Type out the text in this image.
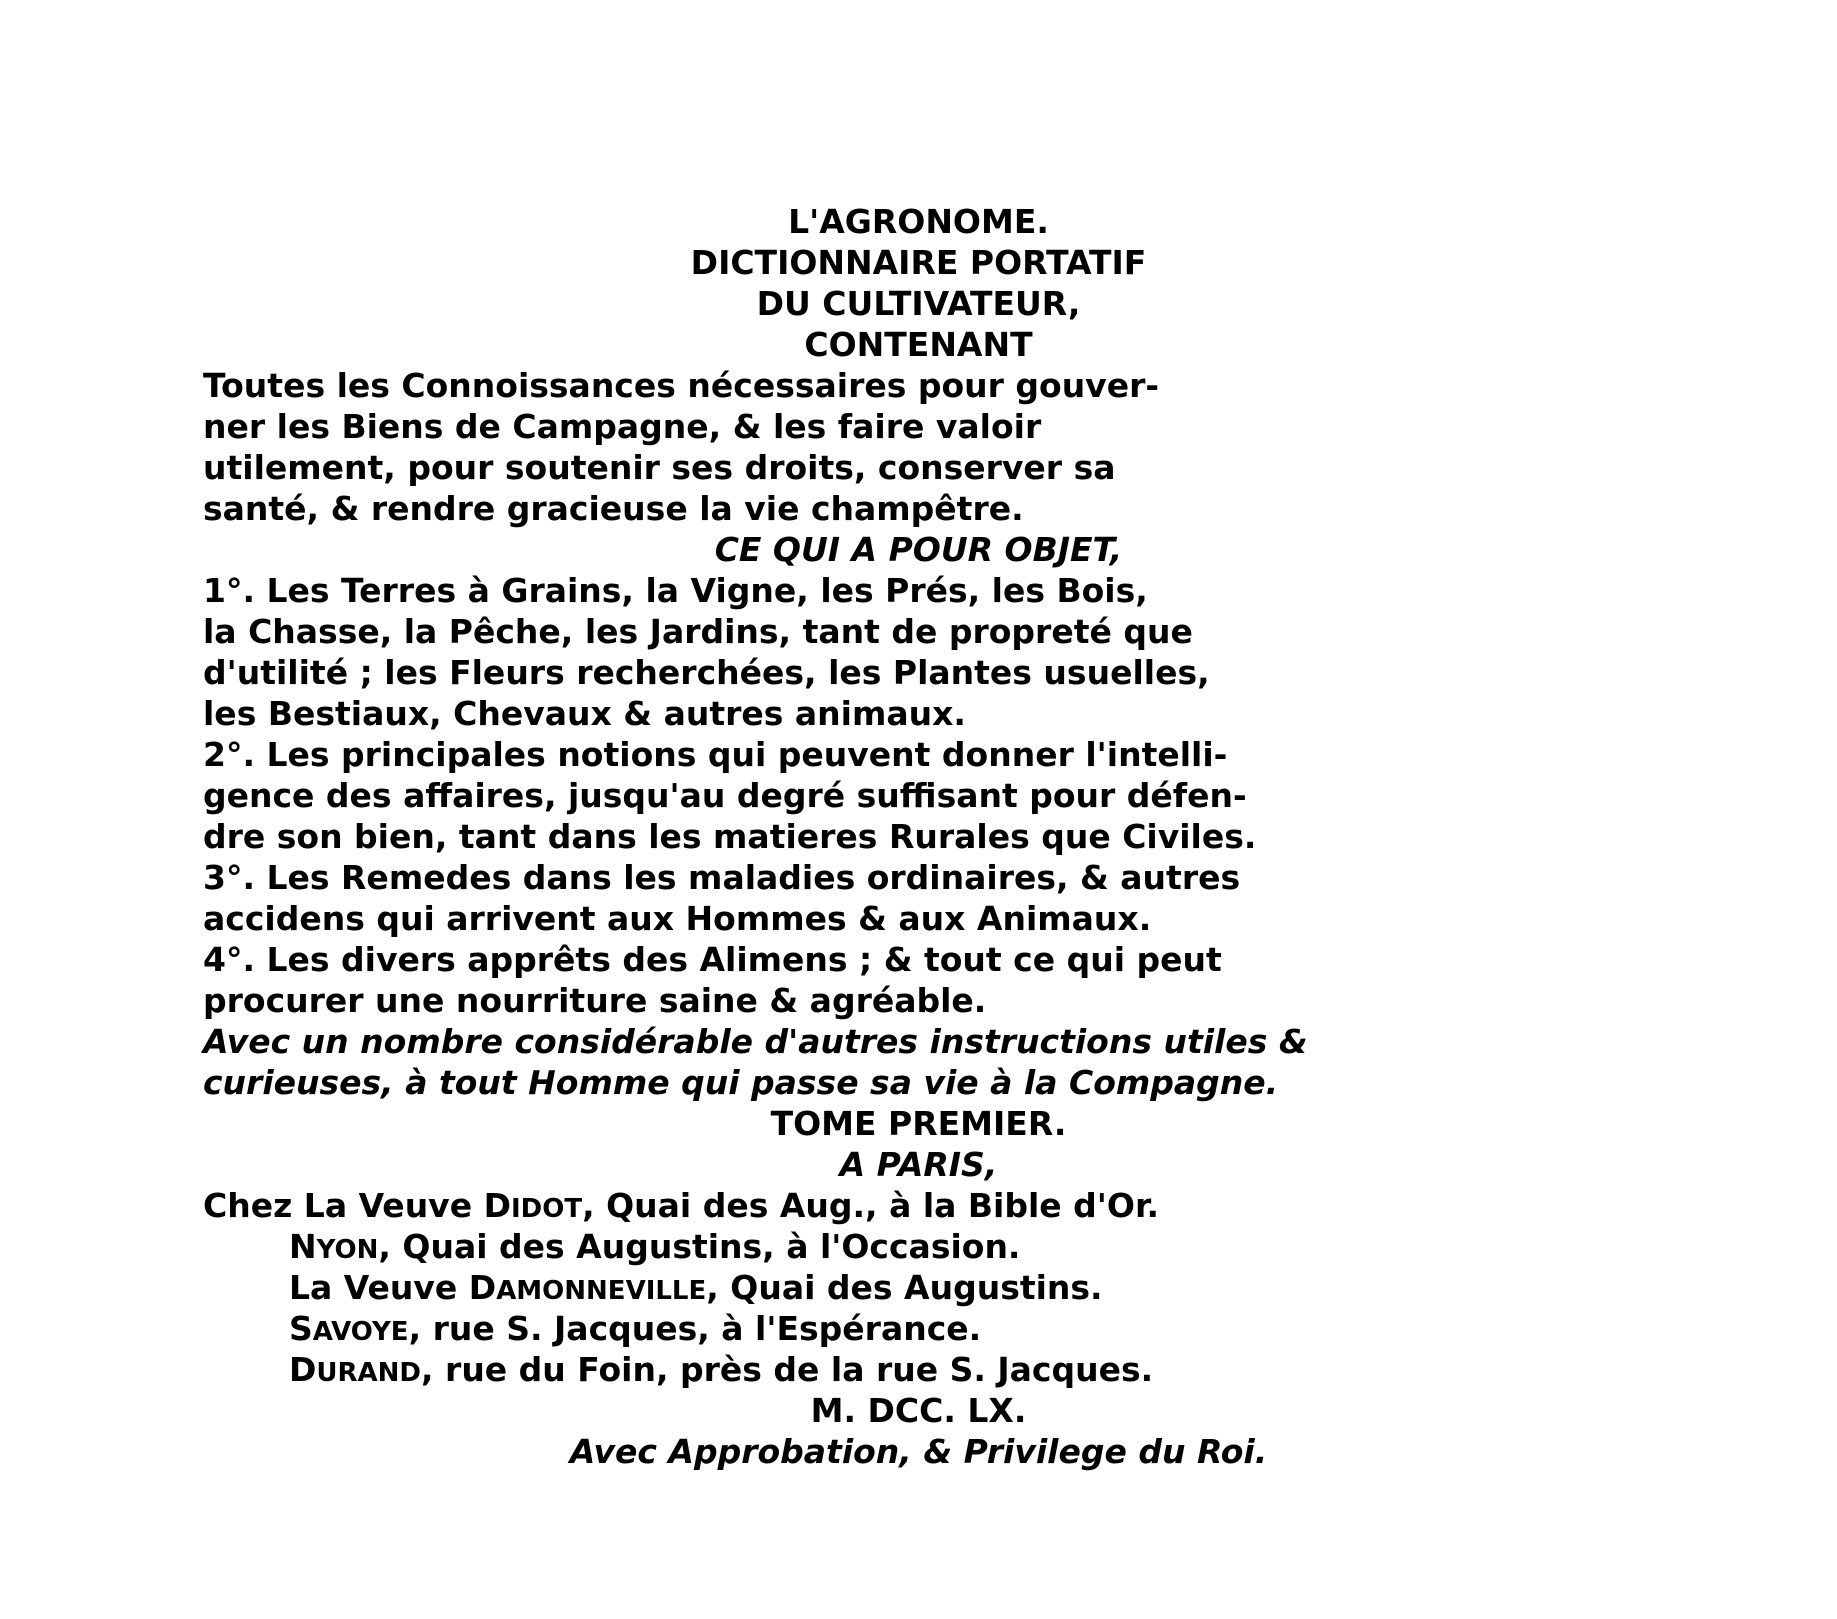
L'AGRONOME.
DICTIONNAIRE PORTATIF
DU CULTIVATEUR,
CONTENANT
Toutes les Connoissances nécessaires pour gouver-
ner les Biens de Campagne, & les faire valoir
utilement, pour soutenir ses droits, conserver sa
santé, & rendre gracieuse la vie champêtre.
CE QUI A POUR OBJET,
1°. Les Terres à Grains, la Vigne, les Prés, les Bois,
la Chasse, la Pêche, les Jardins, tant de propreté que
d'utilité ; les Fleurs recherchées, les Plantes usuelles,
les Bestiaux, Chevaux & autres animaux.
2°. Les principales notions qui peuvent donner l'intelli-
gence des affaires, jusqu'au degré suffisant pour défen-
dre son bien, tant dans les matieres Rurales que Civiles.
3°. Les Remedes dans les maladies ordinaires, & autres
accidens qui arrivent aux Hommes & aux Animaux.
4°. Les divers apprêts des Alimens ; & tout ce qui peut
procurer une nourriture saine & agréable.
Avec un nombre considérable d'autres instructions utiles &
curieuses, à tout Homme qui passe sa vie à la Compagne.
TOME PREMIER.
A PARIS,
Chez La Veuve DIDOT, Quai des Aug., à la Bible d'Or.
NYON, Quai des Augustins, à l'Occasion.
La Veuve DAMONNEVILLE, Quai des Augustins.
SAVOYE, rue S. Jacques, à l'Espérance.
DURAND, rue du Foin, près de la rue S. Jacques.
M. DCC. LX.
Avec Approbation, & Privilege du Roi.
